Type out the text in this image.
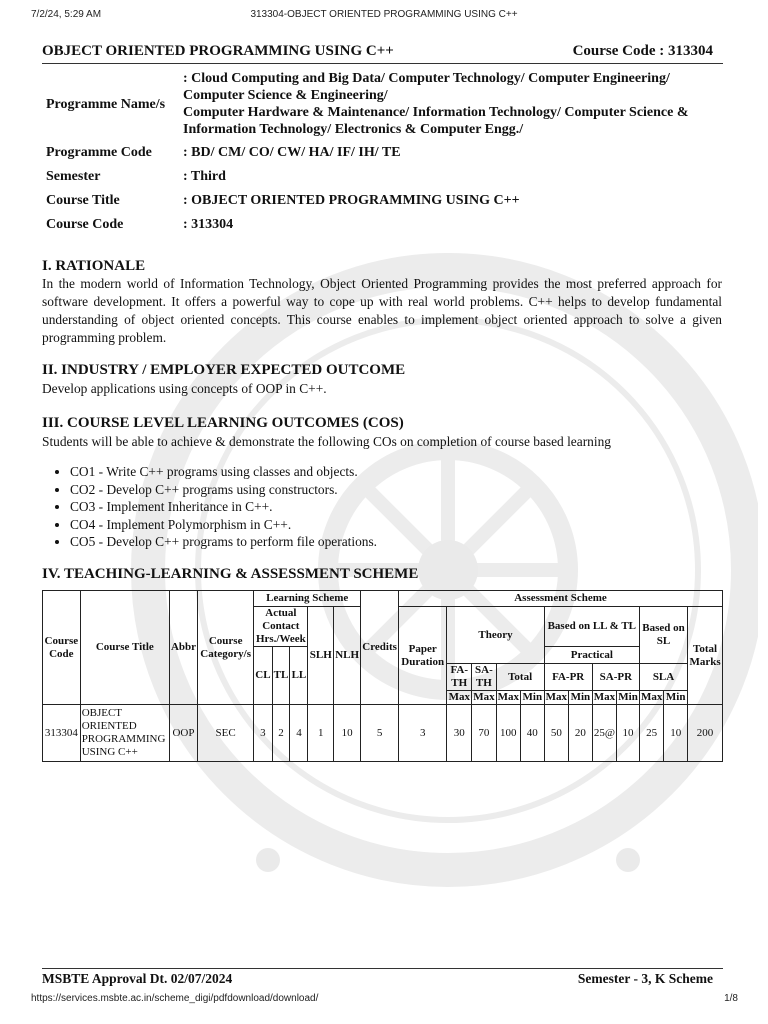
7/2/24, 5:29 AM	313304-OBJECT ORIENTED PROGRAMMING USING C++
OBJECT ORIENTED PROGRAMMING USING C++	Course Code : 313304
Programme Name/s	: Cloud Computing and Big Data/ Computer Technology/ Computer Engineering/
Computer Science & Engineering/
Computer Hardware & Maintenance/ Information Technology/ Computer Science &
Information Technology/ Electronics & Computer Engg./

Programme Code	: BD/ CM/ CO/ CW/ HA/ IF/ IH/ TE
Semester	: Third
Course Title	: OBJECT ORIENTED PROGRAMMING USING C++
Course Code	: 313304
I. RATIONALE
In the modern world of Information Technology, Object Oriented Programming provides the most preferred approach for software development. It offers a powerful way to cope up with real world problems. C++ helps to develop fundamental understanding of object oriented concepts. This course enables to implement object oriented approach to solve a given programming problem.
II. INDUSTRY / EMPLOYER EXPECTED OUTCOME
Develop applications using concepts of OOP in C++.
III. COURSE LEVEL LEARNING OUTCOMES (COS)
Students will be able to achieve & demonstrate the following COs on completion of course based learning
• CO1 - Write C++ programs using classes and objects.
• CO2 - Develop C++ programs using constructors.
• CO3 - Implement Inheritance in C++.
• CO4 - Implement Polymorphism in C++.
• CO5 - Develop C++ programs to perform file operations.
IV. TEACHING-LEARNING & ASSESSMENT SCHEME
Course Code	Course Title	Abbr	Course Category/s	Learning Scheme					Credits	Assessment Scheme											
				Actual Contact Hrs./Week			SLH	NLH		Paper Duration	Theory				Based on LL & TL				Based on SL		Total Marks

				CL	TL	LL									Practical						
											FA-TH	SA-TH	Total		FA-PR		SA-PR		SLA		
											Max	Max	Max	Min	Max	Min	Max	Min	Max	Min	
313304	OBJECT ORIENTED PROGRAMMING USING C++	OOP	SEC	3	2	4	1	10	5	3	30	70	100	40	50	20	25@	10	25	10	200
MSBTE Approval Dt. 02/07/2024	Semester - 3, K Scheme
https://services.msbte.ac.in/scheme_digi/pdfdownload/download/	1/8
